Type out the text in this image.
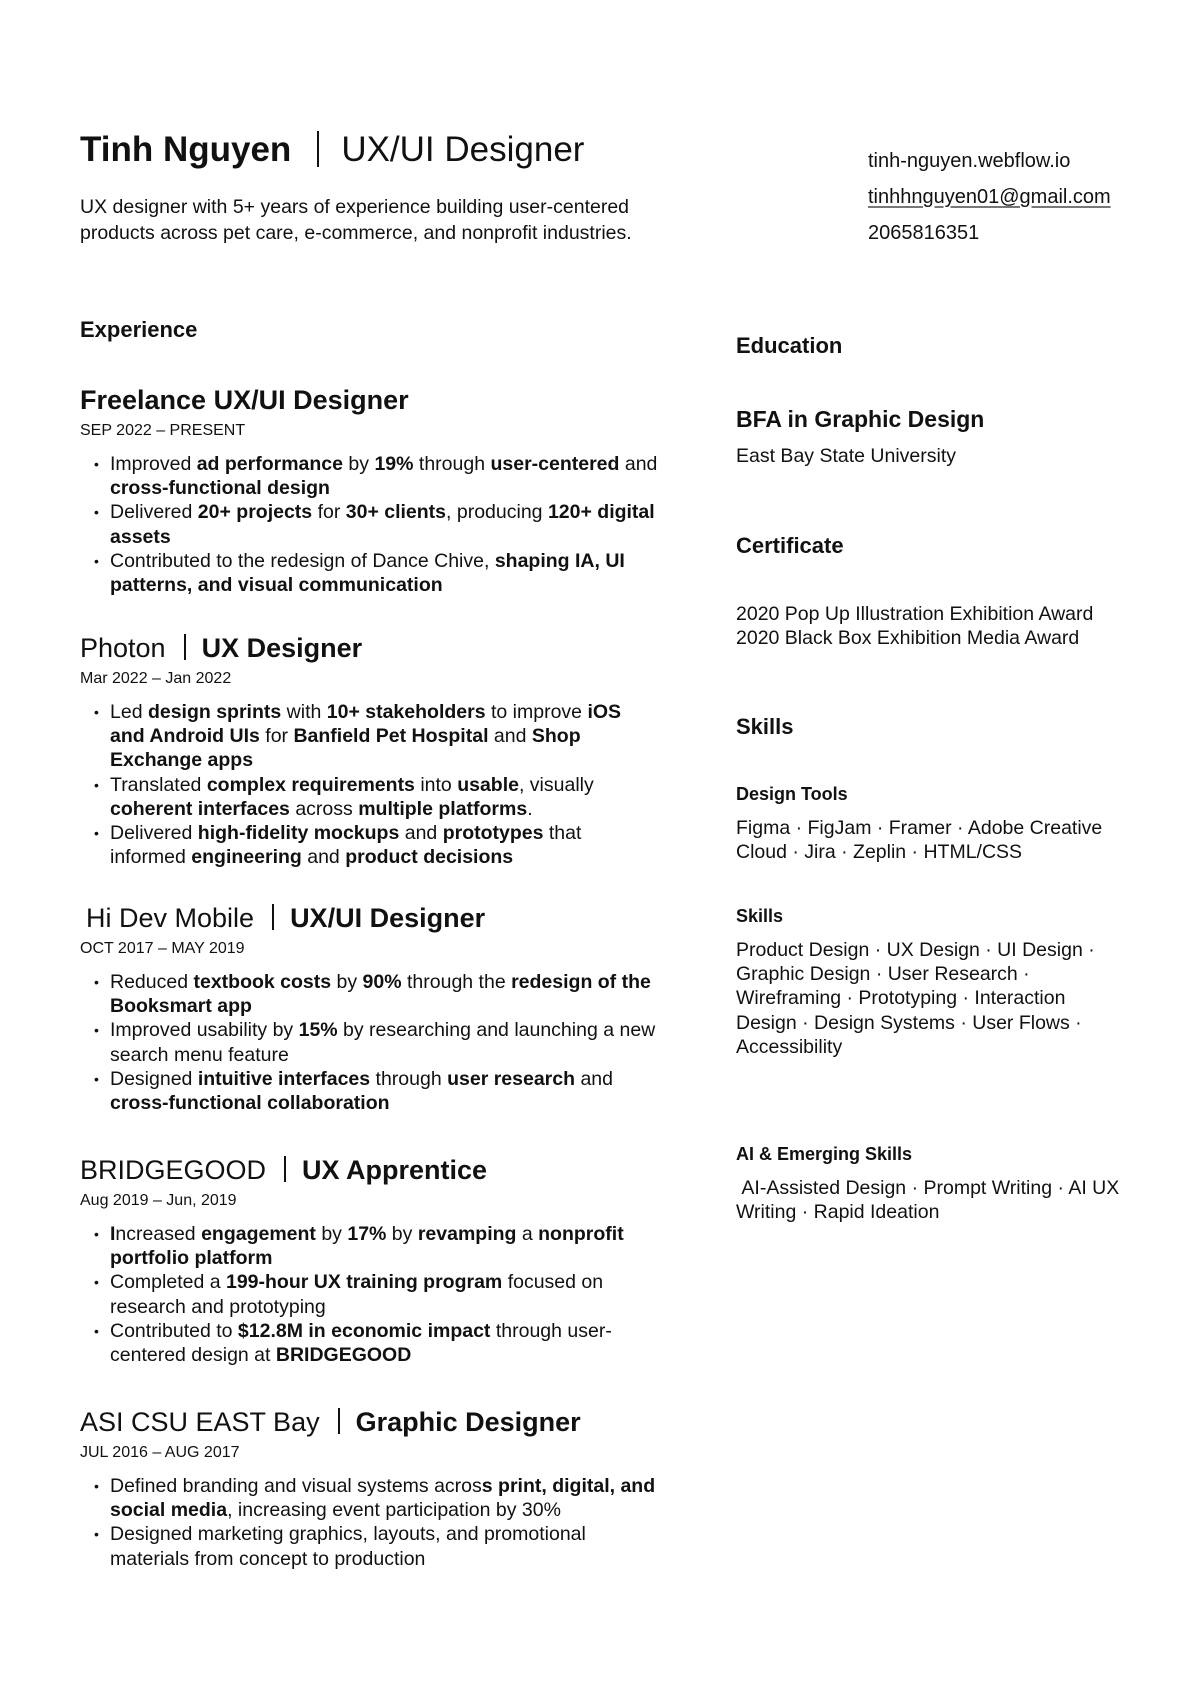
Tinh Nguyen UX/UI Designer
UX designer with 5+ years of experience building user-centered products across pet care, e-commerce, and nonprofit industries.
tinh-nguyen.webflow.io
tinhhnguyen01@gmail.com
2065816351
Experience
Freelance UX/UI Designer
SEP 2022 – PRESENT
• Improved ad performance by 19% through user-centered and cross-functional design
• Delivered 20+ projects for 30+ clients, producing 120+ digital assets
• Contributed to the redesign of Dance Chive, shaping IA, UI patterns, and visual communication
Photon UX Designer
Mar 2022 – Jan 2022
• Led design sprints with 10+ stakeholders to improve iOS and Android UIs for Banfield Pet Hospital and Shop Exchange apps
• Translated complex requirements into usable, visually coherent interfaces across multiple platforms.
• Delivered high-fidelity mockups and prototypes that informed engineering and product decisions
Hi Dev Mobile UX/UI Designer
OCT 2017 – MAY 2019
• Reduced textbook costs by 90% through the redesign of the Booksmart app
• Improved usability by 15% by researching and launching a new search menu feature
• Designed intuitive interfaces through user research and cross-functional collaboration
BRIDGEGOOD UX Apprentice
Aug 2019 – Jun, 2019
• Increased engagement by 17% by revamping a nonprofit portfolio platform
• Completed a 199-hour UX training program focused on research and prototyping
• Contributed to $12.8M in economic impact through user-centered design at BRIDGEGOOD
ASI CSU EAST Bay Graphic Designer
JUL 2016 – AUG 2017
• Defined branding and visual systems across print, digital, and social media, increasing event participation by 30%
• Designed marketing graphics, layouts, and promotional materials from concept to production
Education
BFA in Graphic Design
East Bay State University
Certificate
2020 Pop Up Illustration Exhibition Award
2020 Black Box Exhibition Media Award
Skills
Design Tools
Figma · FigJam · Framer · Adobe Creative Cloud · Jira · Zeplin · HTML/CSS
Skills
Product Design · UX Design · UI Design · Graphic Design · User Research · Wireframing · Prototyping · Interaction Design · Design Systems · User Flows · Accessibility
AI & Emerging Skills
AI-Assisted Design · Prompt Writing · AI UX Writing · Rapid Ideation
